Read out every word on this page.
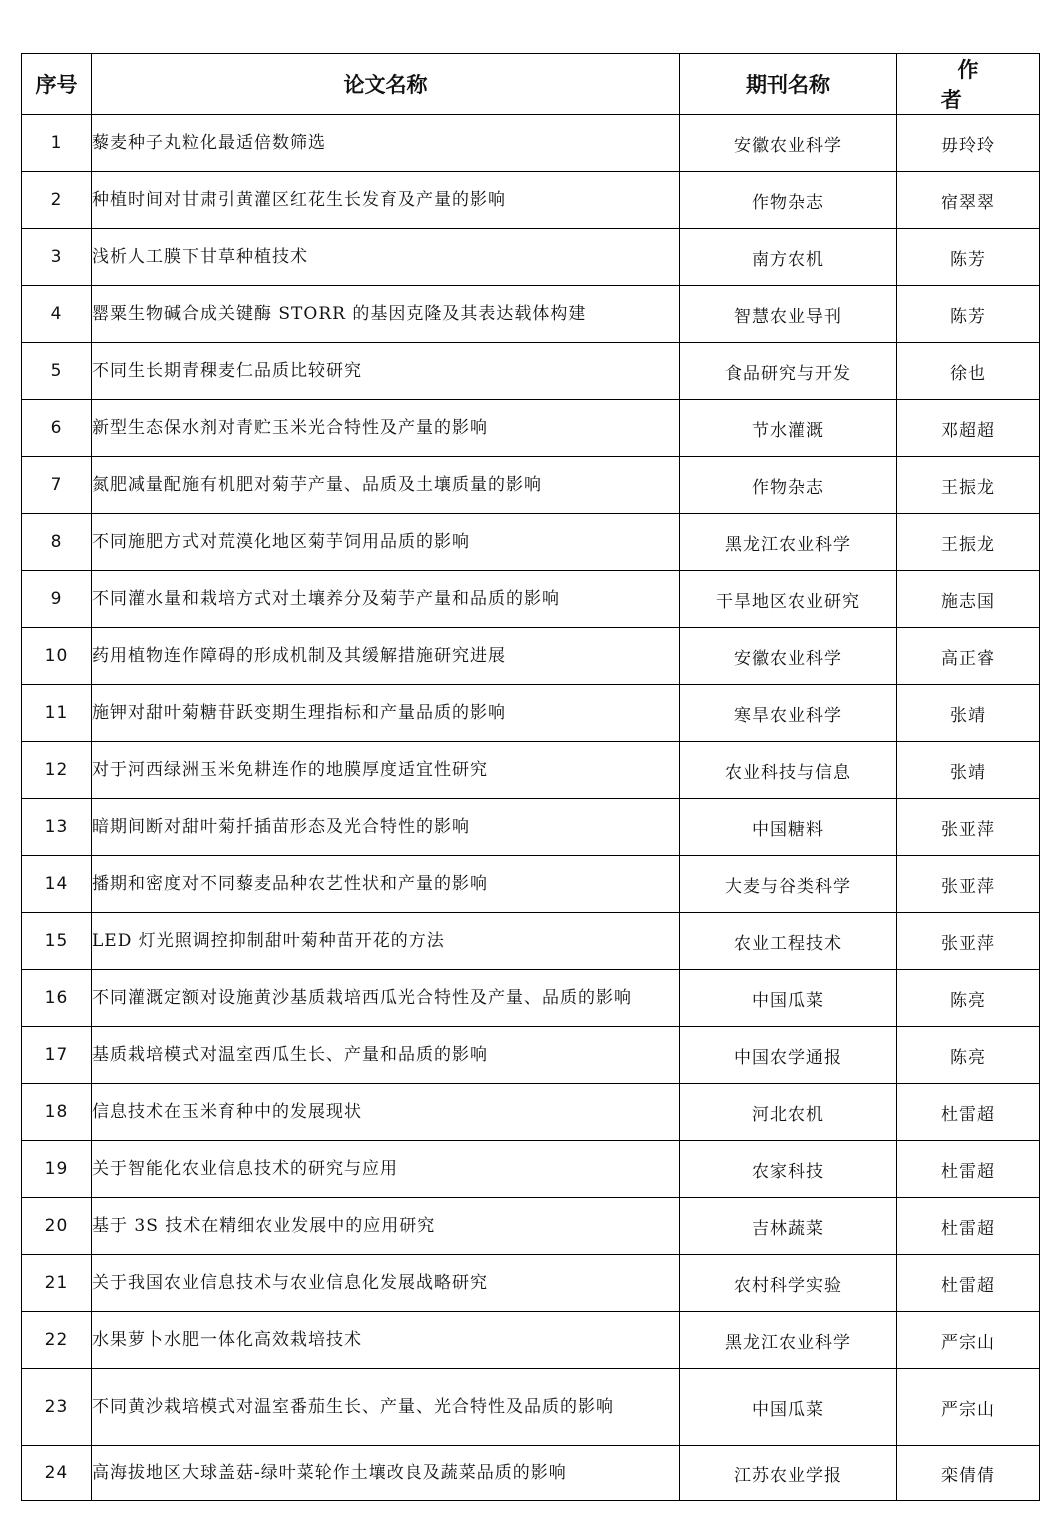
序号	论文名称	期刊名称	作者
1	藜麦种子丸粒化最适倍数筛选	安徽农业科学	毋玲玲
2	种植时间对甘肃引黄灌区红花生长发育及产量的影响	作物杂志	宿翠翠
3	浅析人工膜下甘草种植技术	南方农机	陈芳
4	罂粟生物碱合成关键酶 STORR 的基因克隆及其表达载体构建	智慧农业导刊	陈芳
5	不同生长期青稞麦仁品质比较研究	食品研究与开发	徐也
6	新型生态保水剂对青贮玉米光合特性及产量的影响	节水灌溉	邓超超
7	氮肥减量配施有机肥对菊芋产量、品质及土壤质量的影响	作物杂志	王振龙
8	不同施肥方式对荒漠化地区菊芋饲用品质的影响	黑龙江农业科学	王振龙
9	不同灌水量和栽培方式对土壤养分及菊芋产量和品质的影响	干旱地区农业研究	施志国
10	药用植物连作障碍的形成机制及其缓解措施研究进展	安徽农业科学	高正睿
11	施钾对甜叶菊糖苷跃变期生理指标和产量品质的影响	寒旱农业科学	张靖
12	对于河西绿洲玉米免耕连作的地膜厚度适宜性研究	农业科技与信息	张靖
13	暗期间断对甜叶菊扦插苗形态及光合特性的影响	中国糖料	张亚萍
14	播期和密度对不同藜麦品种农艺性状和产量的影响	大麦与谷类科学	张亚萍
15	LED 灯光照调控抑制甜叶菊种苗开花的方法	农业工程技术	张亚萍
16	不同灌溉定额对设施黄沙基质栽培西瓜光合特性及产量、品质的影响	中国瓜菜	陈亮
17	基质栽培模式对温室西瓜生长、产量和品质的影响	中国农学通报	陈亮
18	信息技术在玉米育种中的发展现状	河北农机	杜雷超
19	关于智能化农业信息技术的研究与应用	农家科技	杜雷超
20	基于 3S 技术在精细农业发展中的应用研究	吉林蔬菜	杜雷超
21	关于我国农业信息技术与农业信息化发展战略研究	农村科学实验	杜雷超
22	水果萝卜水肥一体化高效栽培技术	黑龙江农业科学	严宗山
23	不同黄沙栽培模式对温室番茄生长、产量、光合特性及品质的影响	中国瓜菜	严宗山
24	高海拔地区大球盖菇-绿叶菜轮作土壤改良及蔬菜品质的影响	江苏农业学报	栾倩倩
